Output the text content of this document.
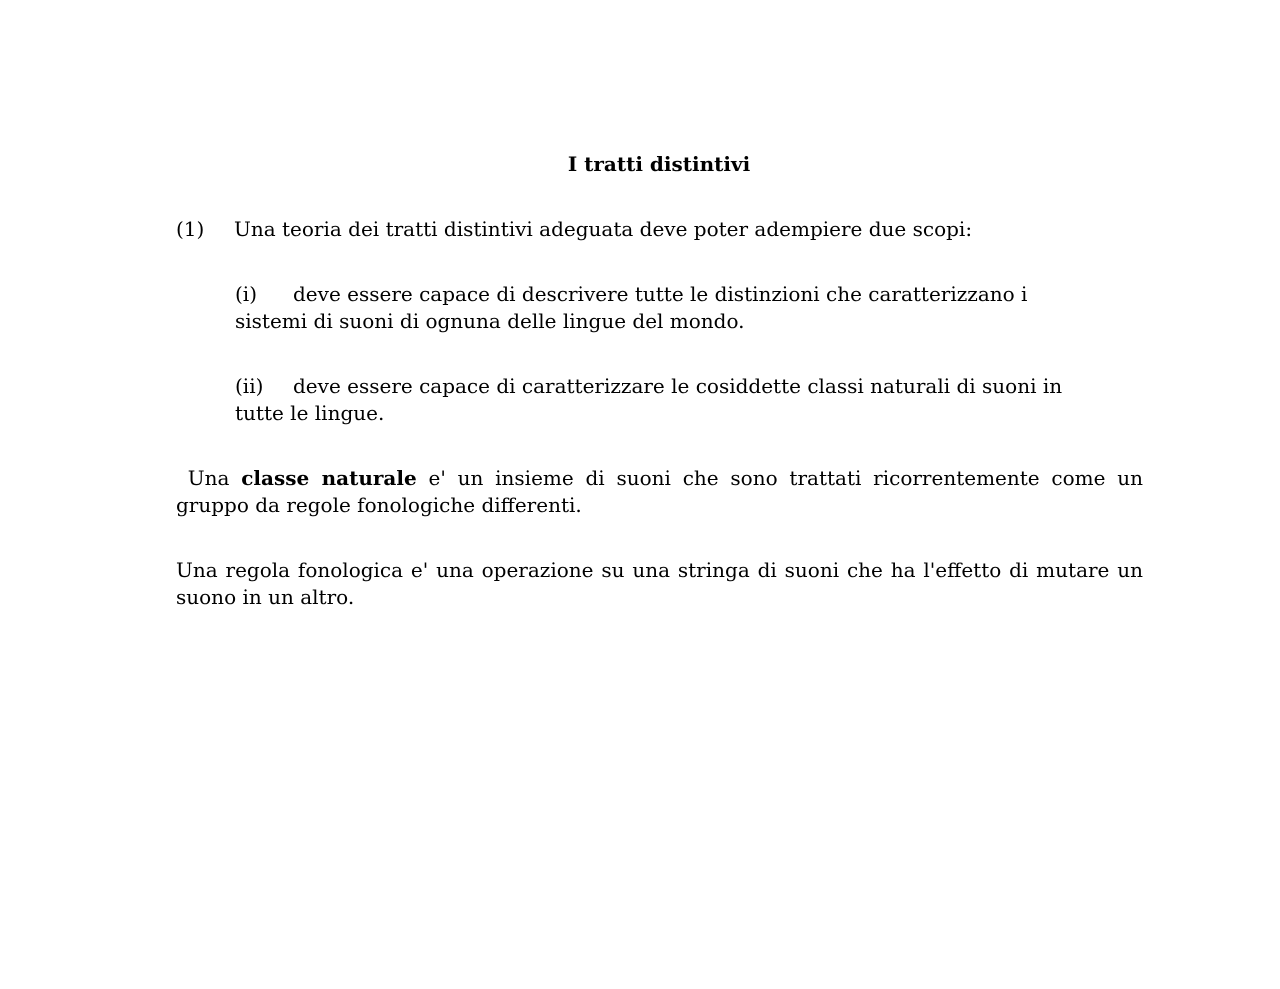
I tratti distintivi
(1) Una teoria dei tratti distintivi adeguata deve poter adempiere due scopi:
(i) deve essere capace di descrivere tutte le distinzioni che caratterizzano i sistemi di suoni di ognuna delle lingue del mondo.
(ii) deve essere capace di caratterizzare le cosiddette classi naturali di suoni in tutte le lingue.
Una classe naturale e' un insieme di suoni che sono trattati ricorrentemente come un gruppo da regole fonologiche differenti.
Una regola fonologica e' una operazione su una stringa di suoni che ha l'effetto di mutare un suono in un altro.
